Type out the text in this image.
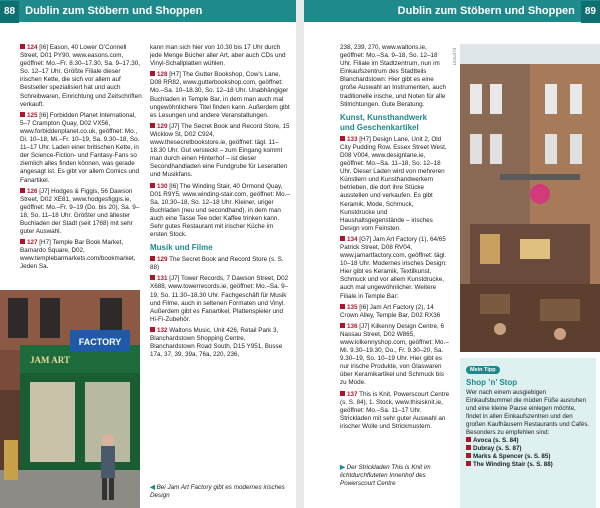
88 Dublin zum Stöbern und Shoppen	Dublin zum Stöbern und Shoppen 89

124 [I6] Eason, 40 Lower O’Connell Street, D01 PY90, www.easons.com, geöffnet: Mo.–Fr. 8.30–17.30, Sa. 9–17.30, So. 12–17 Uhr. Größte Filiale dieser irischen Kette, die sich vor allem auf Bestseller spezialisiert hat und auch Schreibwaren, Einrichtung und Zeitschriften verkauft.

125 [I6] Forbidden Planet International, 5–7 Crampton Quay, D02 VX56, www.forbiddenplanet.co.uk, geöffnet: Mo., Di. 10–18, Mi.–Fr. 10–19, Sa. 9.30–18, So. 11–17 Uhr. Laden einer britischen Kette, in der Science-Fiction- und Fantasy-Fans so ziemlich alles finden können, was gerade angesagt ist. Es gibt vor allem Comics und Fanartikel.

126 [J7] Hodges & Figgis, 56 Dawson Street, D02 XE81, www.hodgesfiggis.ie, geöffnet: Mo.–Fr. 9–19 (Do. bis 20), Sa. 9–18, So. 11–18 Uhr. Größter und ältester Buchladen der Stadt (seit 1768) mit sehr guter Auswahl.

127 [H7] Temple Bar Book Market, Barnardo Square, D02, www.templebarmarkets.com/bookmarket, Jeden Sa.

FACTORY
JAM ART

kann man sich hier von 10.30 bis 17 Uhr durch jede Menge Bücher aller Art, aber auch CDs und Vinyl-Schallplatten wühlen.

128 [H7] The Gutter Bookshop, Cow’s Lane, D08 RR82, www.gutterbookshop.com, geöffnet: Mo.–Sa. 10–18.30, So. 12–18 Uhr. Unabhängiger Buchladen in Temple Bar, in dem man auch mal ungewöhnlichere Titel finden kann. Außerdem gibt es Lesungen und andere Veranstaltungen.

129 [J7] The Secret Book and Record Store, 15 Wicklow St, D02 C924, www.thesecretbookstore.ie, geöffnet: tägl. 11–18.30 Uhr. Gut versteckt – zum Eingang kommt man durch einen Hinterhof – ist dieser Secondhandladen eine Fundgrube für Leseratten und Musikfans.

130 [I6] The Winding Stair, 40 Ormond Quay, D01 R9Y5, www.winding-stair.com, geöffnet: Mo.–Sa. 10.30–18, So. 12–18 Uhr. Kleiner, uriger Buchladen (neu und secondhand), in dem man auch eine Tasse Tee oder Kaffee trinken kann. Sehr gutes Restaurant mit irischer Küche im ersten Stock.

Musik und Filme

129 The Secret Book and Record Store (s. S. 88)

131 [J7] Tower Records, 7 Dawson Street, D02 X688, www.towerrecords.ie, geöffnet: Mo.–Sa. 9–19, So. 11.30–18.30 Uhr. Fachgeschäft für Musik und Filme, auch in seltenen Formaten und Vinyl. Außerdem gibt es Fanartikel, Plattenspieler und Hi-Fi-Zubehör.

132 Waltons Music, Unit 426, Retail Park 3, Blanchardstown Shopping Centre, Blanchardstown Road South, D15 Y951, Busse 17a, 37, 39, 39a, 76a, 220, 236,

◀ Bei Jam Art Factory gibt es modernes irisches Design

238, 239, 270, www.waltons.ie, geöffnet: Mo.–Sa. 9–18, So. 12–18 Uhr. Filiale im Stadtzentrum, nun im Einkaufszentrum des Stadtteils Blanchardstown: Hier gibt es eine große Auswahl an Instrumenten, auch traditionelle irische, und Noten für alle Stilrichtungen. Gute Beratung.

Kunst, Kunsthandwerk
und Geschenkartikel

133 [H7] Design Lane, Unit 2, Old City Pudding Row, Essex Street West, D08 V004, www.designlane.ie, geöffnet: Mo.–Sa. 11–18, So. 12–18 Uhr. Dieser Laden wird von mehreren Künstlern und Kunsthandwerkern betrieben, die dort ihre Stücke ausstellen und verkaufen. Es gibt Keramik, Mode, Schmuck, Kunstdrucke und Haushaltsgegenstände – irisches Design vom Feinsten.

134 [G7] Jam Art Factory (1), 64/65 Patrick Street, D08 RV04, www.jamartfactory.com, geöffnet: tägl. 10–18 Uhr. Modernes irisches Design: Hier gibt es Keramik, Textilkunst, Schmuck und vor allem Kunstdrucke, auch mal ungewöhnlicher. Weitere Filiale in Temple Bar:

135 [I6] Jam Art Factory (2), 14 Crown Alley, Temple Bar, D02 RX36

136 [J7] Kilkenny Design Centre, 6 Nassau Street, D02 W865, www.kilkennyshop.com, geöffnet: Mo.–Mi. 9.30–19.30, Do., Fr. 9.30–20, Sa. 9.30–19, So. 10–19 Uhr. Hier gibt es nur irische Produkte, von Glaswaren über Keramikartikel und Schmuck bis zu Mode.

137 This is Knit, Powerscourt Centre (s. S. 84), 1. Stock, www.thisisknit.ie, geöffnet: Mo.–Sa. 11–17 Uhr. Strickladen mit sehr guter Auswahl an irischer Wolle und Strickmustern.

▶ Der Strickladen This is Knit im lichtdurchfluteten Innenhof des Powerscourt Centre
183ud fd
Mein Tipp
Shop ’n’ Stop
Wer nach einem ausgiebigen Einkaufsbummel die müden Füße ausruhen und eine kleine Pause einlegen möchte, findet in allen Einkaufszentren und den großen Kaufhäusern Restaurants und Cafés. Besonders zu empfehlen sind:
Avoca (s. S. 84)
Dubray (s. S. 87)
Marks & Spencer (s. S. 85)
The Winding Stair (s. S. 88)
